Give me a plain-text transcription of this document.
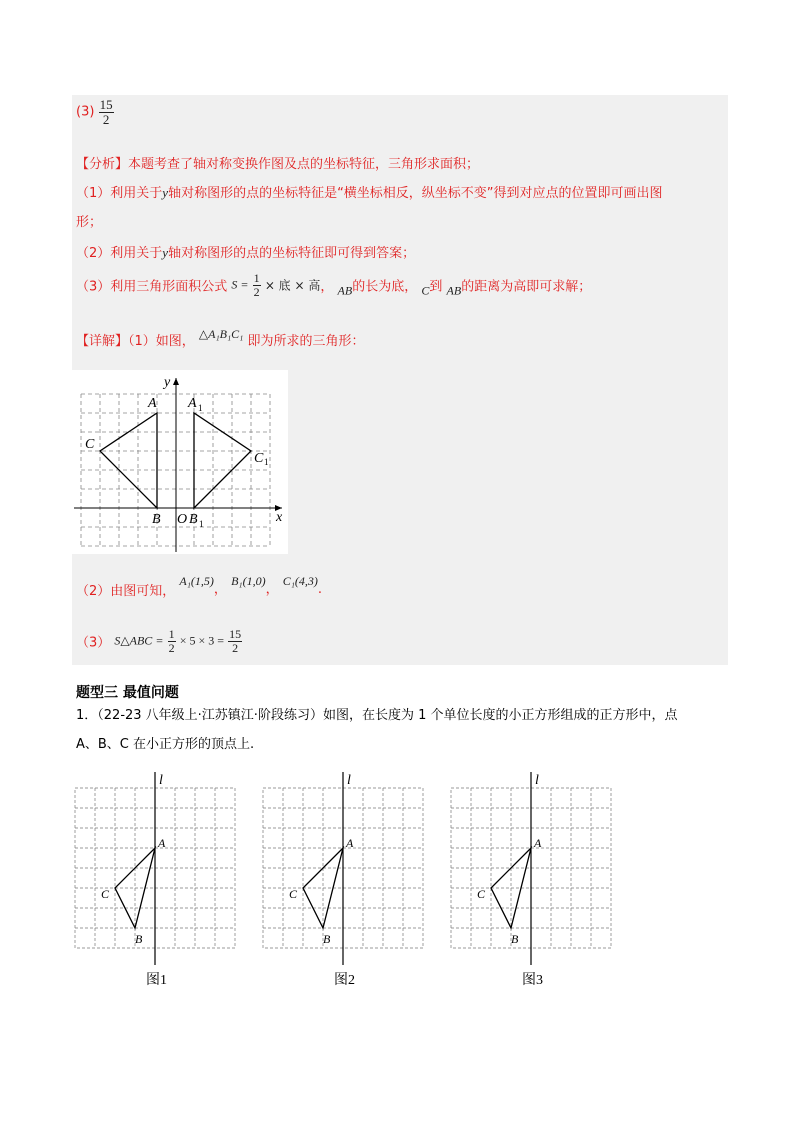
$(3) \frac{15}{2}$
【分析】本题考查了轴对称变换作图及点的坐标特征，三角形求面积；
（1）利用关于y轴对称图形的点的坐标特征是“横坐标相反，纵坐标不变”得到对应点的位置即可画出图
形；
（2）利用关于y轴对称图形的点的坐标特征即可得到答案；
（3）利用三角形面积公式 $S = \frac{1}{2}$ × 底 × 高， AB的长为底， C到 AB的距离为高即可求解；
【详解】（1）如图， △A₁B₁C₁ 即为所求的三角形：
y
x
A A 1
C
C 1
B O B 1
（2）由图可知， A₁(1,5)， B₁(1,0)， C₁(4,3).
（3） S△ABC = $\frac{1}{2} \times 5 \times 3 = \frac{15}{2}$
题型三 最值问题
1．（22-23 八年级上·江苏镇江·阶段练习）如图，在长度为 1 个单位长度的小正方形组成的正方形中，点
A、B、C 在小正方形的顶点上.
l
A
C
B
图1
l
A
C
B
图2
l
A
C
B
图3
